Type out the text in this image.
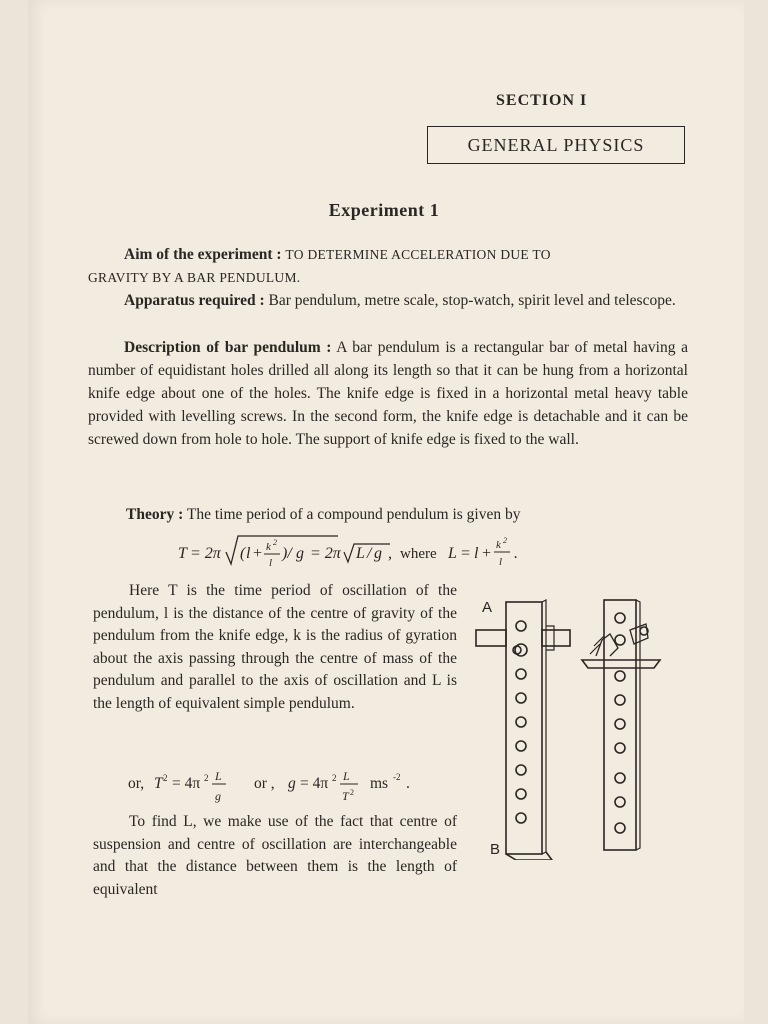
SECTION I
GENERAL PHYSICS
Experiment 1

Aim of the experiment : TO DETERMINE ACCELERATION DUE TO
GRAVITY BY A BAR PENDULUM.

Apparatus required : Bar pendulum, metre scale, stop-watch, spirit level and telescope.

Description of bar pendulum : A bar pendulum is a rectangular bar of metal having a number of equidistant holes drilled all along its length so that it can be hung from a horizontal knife edge about one of the holes. The knife edge is fixed in a horizontal metal heavy table provided with levelling screws. In the second form, the knife edge is detachable and it can be screwed down from hole to hole. The support of knife edge is fixed to the wall.

Theory : The time period of a compound pendulum is given by

T = 2π ( l + k 2
l
)/ g = 2π L / g , where L = l + k 2
l .

Here T is the time period of oscillation of the pendulum, l is the distance of the centre of gravity of the pendulum from the knife edge, k is the radius of gyration about the axis passing through the centre of mass of the pendulum and parallel to the axis of oscillation and L is the length of equivalent simple pendulum.

or, T 2 = 4π 2 L
g
or , g = 4π 2 L
T 2
ms -2 .

To find L, we make use of the fact that centre of suspension and centre of oscillation are interchangeable and that the distance between them is the length of equivalent

A
B
